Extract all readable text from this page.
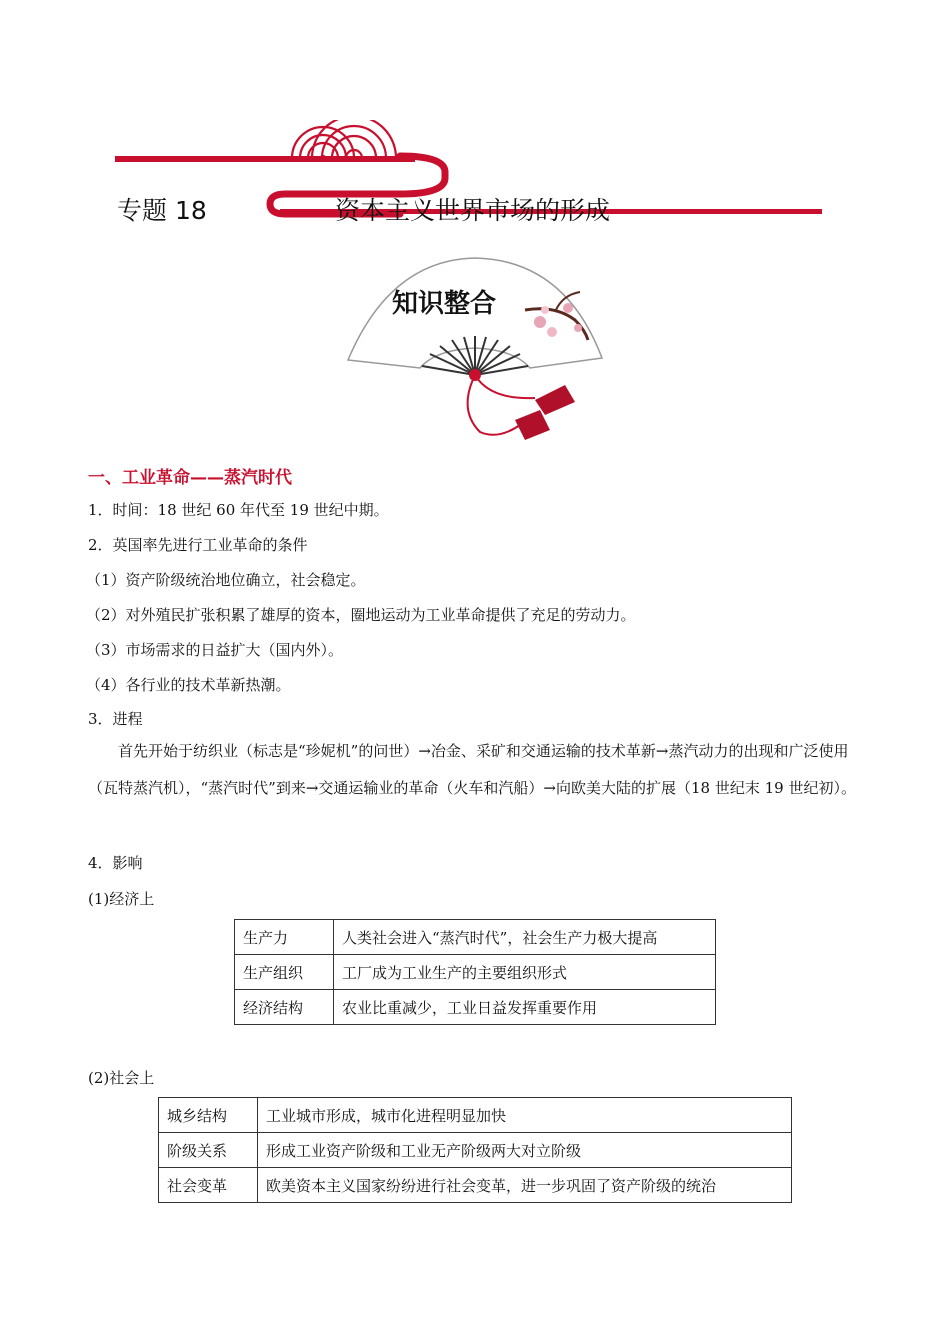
专题 18	资本主义世界市场的形成
知识整合
一、工业革命——蒸汽时代
1．时间：18 世纪 60 年代至 19 世纪中期。
2．英国率先进行工业革命的条件
（1）资产阶级统治地位确立，社会稳定。
（2）对外殖民扩张积累了雄厚的资本，圈地运动为工业革命提供了充足的劳动力。
（3）市场需求的日益扩大（国内外）。
（4）各行业的技术革新热潮。
3．进程

首先开始于纺织业（标志是“珍妮机”的问世）→冶金、采矿和交通运输的技术革新→蒸汽动力的出现和广泛使用（瓦特蒸汽机），“蒸汽时代”到来→交通运输业的革命（火车和汽船）→向欧美大陆的扩展（18 世纪末 19 世纪初）。

4．影响
(1)经济上
生产力	人类社会进入“蒸汽时代”，社会生产力极大提高
生产组织	工厂成为工业生产的主要组织形式
经济结构	农业比重减少，工业日益发挥重要作用
(2)社会上
城乡结构	工业城市形成，城市化进程明显加快
阶级关系	形成工业资产阶级和工业无产阶级两大对立阶级
社会变革	欧美资本主义国家纷纷进行社会变革，进一步巩固了资产阶级的统治
